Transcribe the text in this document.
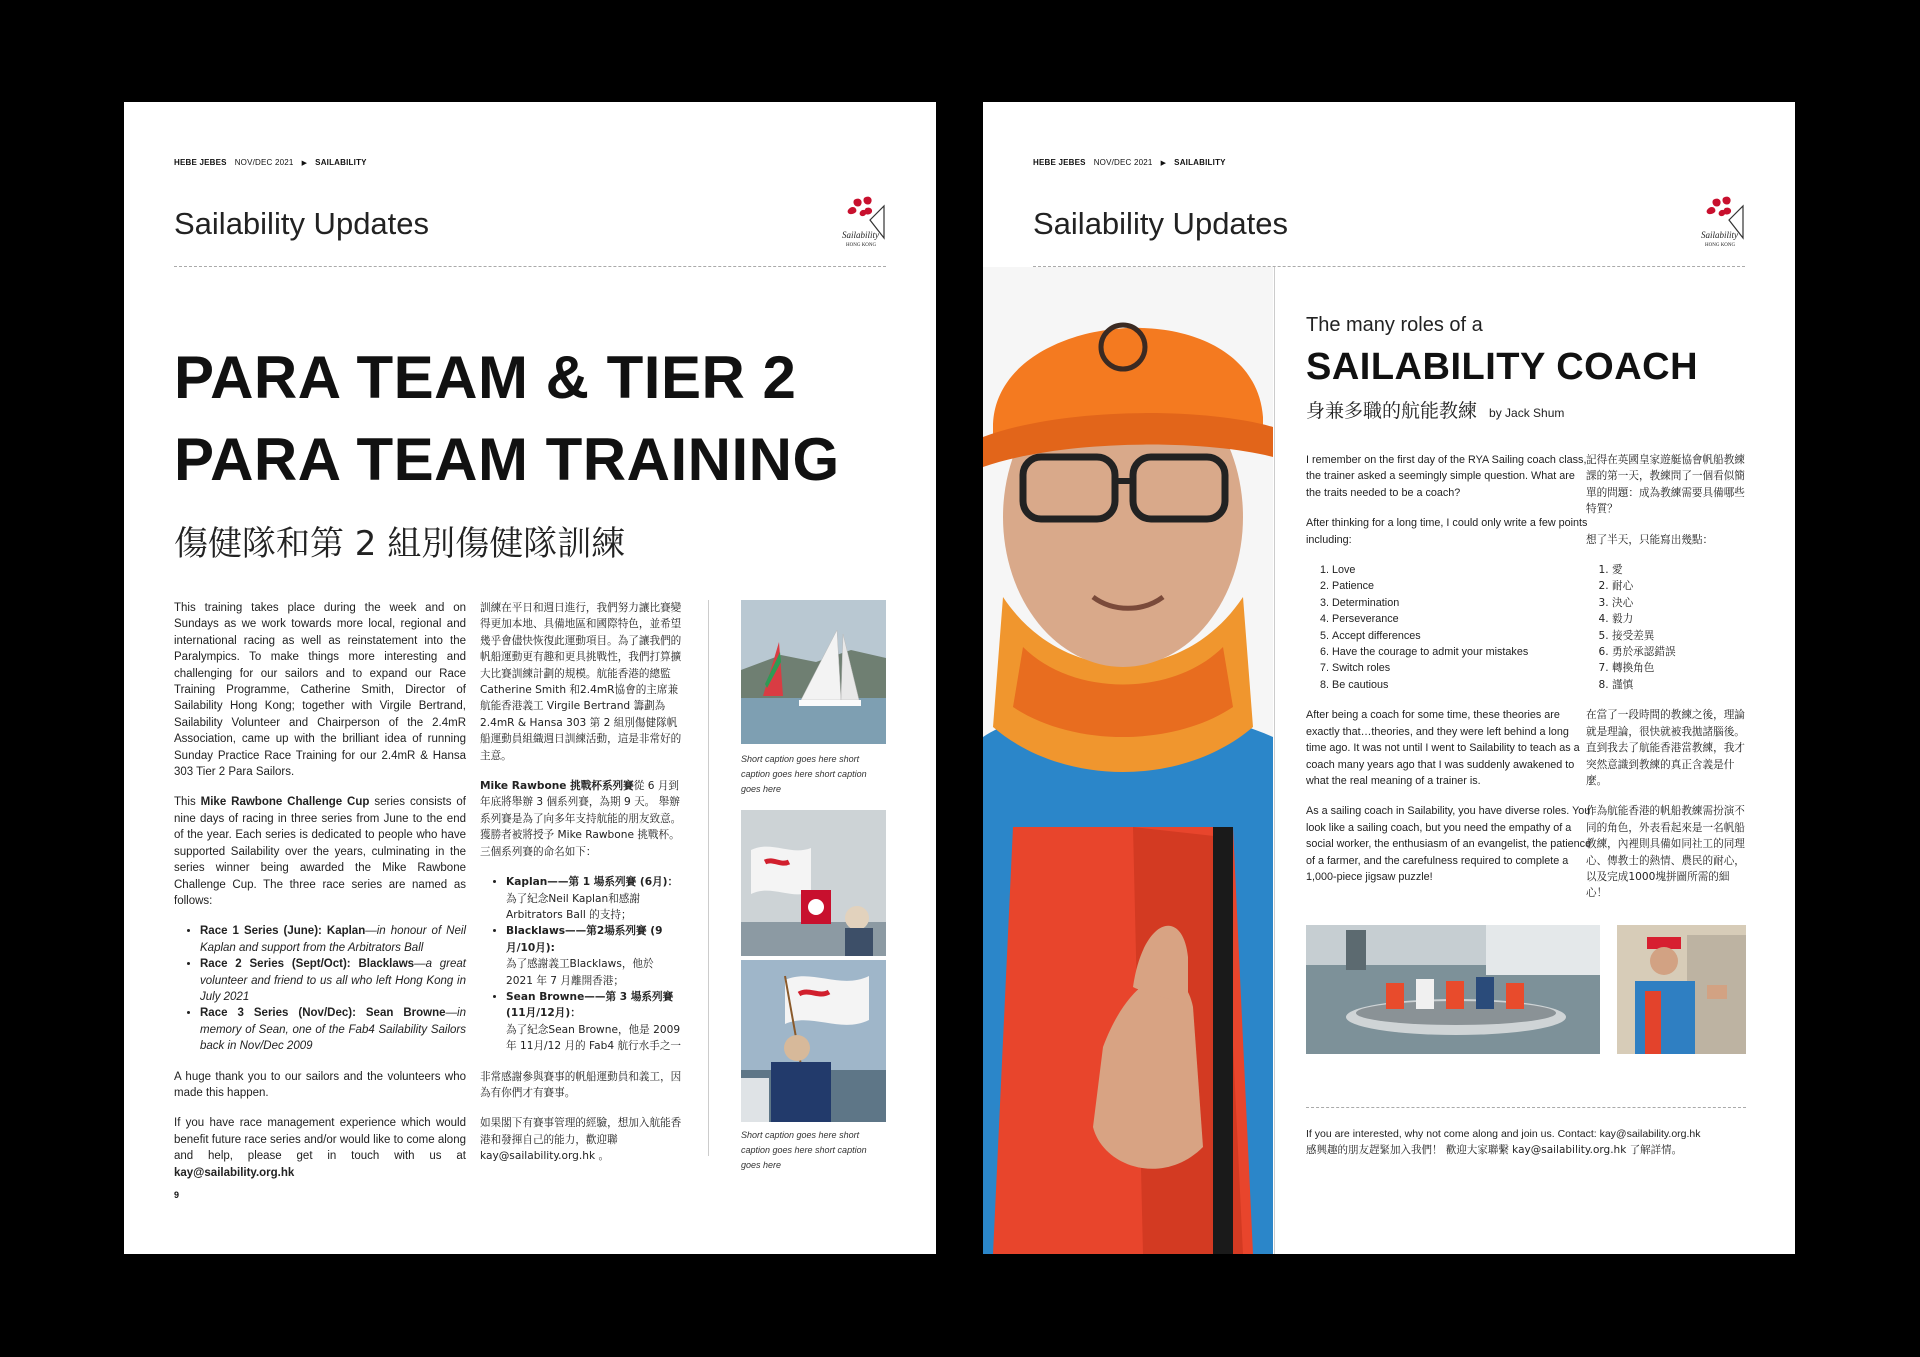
HEBE JEBES NOV/DEC 2021 ▶ SAILABILITY
Sailability Updates	Sailability
HONG KONG
PARA TEAM & TIER 2
PARA TEAM TRAINING
傷健隊和第 2 組別傷健隊訓練

This training takes place during the week and on Sundays as we work towards more local, regional and international racing as well as reinstatement into the Paralympics. To make things more interesting and challenging for our sailors and to expand our Race Training Programme, Catherine Smith, Director of Sailability Hong Kong; together with Virgile Bertrand, Sailability Volunteer and Chairperson of the 2.4mR Association, came up with the brilliant idea of running Sunday Practice Race Training for our 2.4mR & Hansa 303 Tier 2 Para Sailors.

This Mike Rawbone Challenge Cup series consists of nine days of racing in three series from June to the end of the year. Each series is dedicated to people who have supported Sailability over the years, culminating in the series winner being awarded the Mike Rawbone Challenge Cup. The three race series are named as follows:

• Race 1 Series (June): Kaplan—in honour of Neil Kaplan and support from the Arbitrators Ball
• Race 2 Series (Sept/Oct): Blacklaws—a great volunteer and friend to us all who left Hong Kong in July 2021
• Race 3 Series (Nov/Dec): Sean Browne—in memory of Sean, one of the Fab4 Sailability Sailors back in Nov/Dec 2009

A huge thank you to our sailors and the volunteers who made this happen.

If you have race management experience which would benefit future race series and/or would like to come along and help, please get in touch with us at kay@sailability.org.hk

訓練在平日和週日進行，我們努力讓比賽變得更加本地、具備地區和國際特色，並希望幾乎會儘快恢復此運動項目。為了讓我們的帆船運動更有趣和更具挑戰性，我們打算擴大比賽訓練計劃的規模。航能香港的總監 Catherine Smith 和2.4mR協會的主席兼航能香港義工 Virgile Bertrand 籌劃為2.4mR & Hansa 303 第 2 組別傷健隊帆船運動員組織週日訓練活動，這是非常好的主意。

Mike Rawbone 挑戰杯系列賽從 6 月到年底將舉辦 3 個系列賽，為期 9 天。 舉辦系列賽是為了向多年支持航能的朋友致意。獲勝者被將授予 Mike Rawbone 挑戰杯。三個系列賽的命名如下：

• Kaplan——第 1 場系列賽 (6月)：
為了紀念Neil Kaplan和感謝 Arbitrators Ball 的支持；
• Blacklaws——第2場系列賽 (9月/10月):
為了感謝義工Blacklaws，他於 2021 年 7 月離開香港；
• Sean Browne——第 3 場系列賽 (11月/12月)：
為了紀念Sean Browne，他是 2009 年 11月/12 月的 Fab4 航行水手之一

非常感謝參與賽事的帆船運動員和義工，因為有你們才有賽事。

如果閣下有賽事管理的經驗，想加入航能香港和發揮自己的能力，歡迎聯 kay@sailability.org.hk 。

Short caption goes here short caption goes here short caption goes here
Short caption goes here short caption goes here short caption goes here
9
HEBE JEBES NOV/DEC 2021 ▶ SAILABILITY
Sailability Updates	Sailability
HONG KONG
The many roles of a
SAILABILITY COACH
身兼多職的航能教練 by Jack Shum

I remember on the first day of the RYA Sailing coach class, the trainer asked a seemingly simple question. What are the traits needed to be a coach?

After thinking for a long time, I could only write a few points including:

1. Love
2. Patience
3. Determination
4. Perseverance
5. Accept differences
6. Have the courage to admit your mistakes
7. Switch roles
8. Be cautious

After being a coach for some time, these theories are exactly that…theories, and they were left behind a long time ago. It was not until I went to Sailability to teach as a coach many years ago that I was suddenly awakened to what the real meaning of a trainer is.

As a sailing coach in Sailability, you have diverse roles. You look like a sailing coach, but you need the empathy of a social worker, the enthusiasm of an evangelist, the patience of a farmer, and the carefulness required to complete a 1,000-piece jigsaw puzzle!

記得在英國皇家遊艇協會帆船教練課的第一天，教練問了一個看似簡單的問題：成為教練需要具備哪些特質？

想了半天，只能寫出幾點：

1. 愛
2. 耐心
3. 決心
4. 毅力
5. 接受差異
6. 勇於承認錯誤
7. 轉換角色
8. 謹慎

在當了一段時間的教練之後，理論就是理論，很快就被我拋諸腦後。直到我去了航能香港當教練，我才突然意識到教練的真正含義是什麼。

作為航能香港的帆船教練需扮演不同的角色，外表看起來是一名帆船教練，內裡則具備如同社工的同理心、傳教士的熱情、農民的耐心，以及完成1000塊拼圖所需的細心！

If you are interested, why not come along and join us. Contact: kay@sailability.org.hk
感興趣的朋友趕緊加入我們！ 歡迎大家聯繫 kay@sailability.org.hk 了解詳情。
